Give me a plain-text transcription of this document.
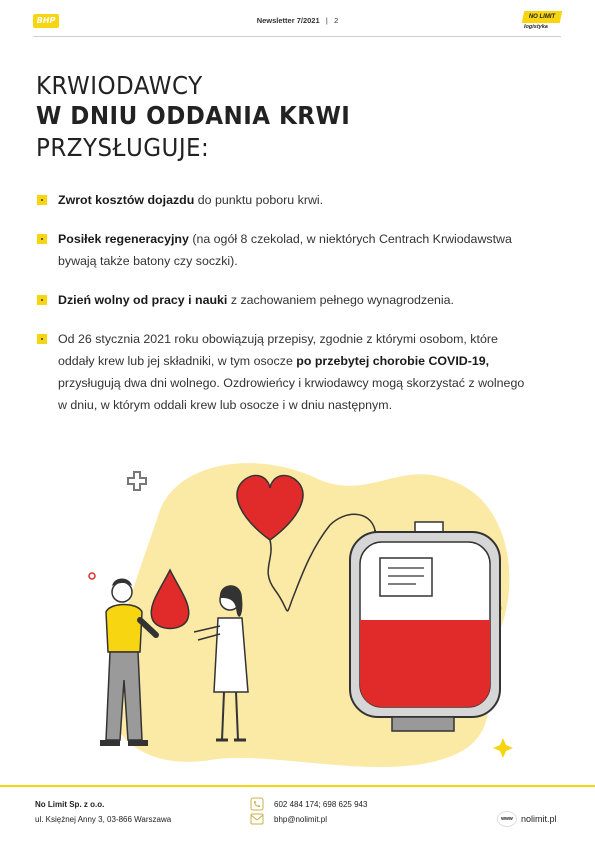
BHP	Newsletter 7/2021   |   2	NO LIMIT
logistyka
KRWIODAWCY
W DNIU ODDANIA KRWI
PRZYSŁUGUJE:
Zwrot kosztów dojazdu do punktu poboru krwi.
Posiłek regeneracyjny (na ogół 8 czekolad, w niektórych Centrach Krwiodawstwa bywają także batony czy soczki).
Dzień wolny od pracy i nauki z zachowaniem pełnego wynagrodzenia.
Od 26 stycznia 2021 roku obowiązują przepisy, zgodnie z którymi osobom, które oddały krew lub jej składniki, w tym osocze po przebytej chorobie COVID-19, przysługują dwa dni wolnego. Ozdrowieńcy i krwiodawcy mogą skorzystać z wolnego w dniu, w którym oddali krew lub osocze i w dniu następnym.
No Limit Sp. z o.o.
ul. Księżnej Anny 3, 03-866 Warszawa
602 484 174; 698 625 943
bhp@nolimit.pl	www nolimit.pl
